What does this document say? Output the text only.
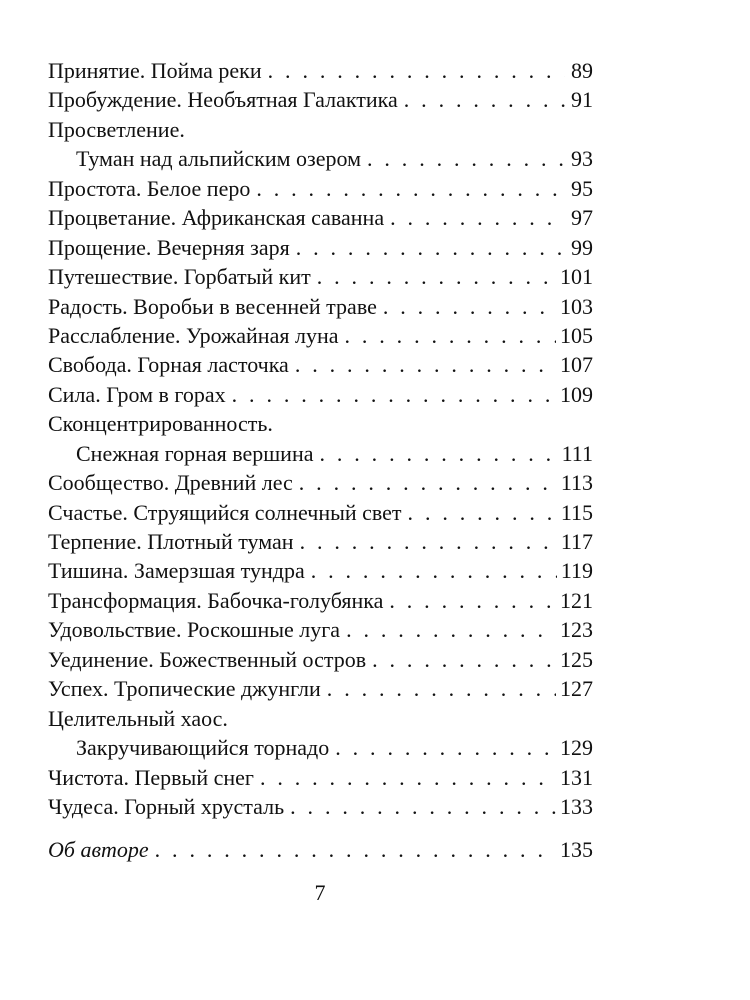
Принятие. Пойма реки . . .	89
Пробуждение. Необъятная Галактика . . .	91
Просветление.
Туман над альпийским озером . . .	93
Простота. Белое перо . . .	95
Процветание. Африканская саванна . . .	97
Прощение. Вечерняя заря . . .	99
Путешествие. Горбатый кит . . .	101
Радость. Воробьи в весенней траве . . .	103
Расслабление. Урожайная луна . . .	105
Свобода. Горная ласточка . . .	107
Сила. Гром в горах . . .	109
Сконцентрированность.
Снежная горная вершина . . .	111
Сообщество. Древний лес . . .	113
Счастье. Струящийся солнечный свет . . .	115
Терпение. Плотный туман . . .	117
Тишина. Замерзшая тундра . . .	119
Трансформация. Бабочка-голубянка . . .	121
Удовольствие. Роскошные луга . . .	123
Уединение. Божественный остров . . .	125
Успех. Тропические джунгли . . .	127
Целительный хаос.
Закручивающийся торнадо . . .	129
Чистота. Первый снег . . .	131
Чудеса. Горный хрусталь . . .	133
Об авторе . . .	135
7
